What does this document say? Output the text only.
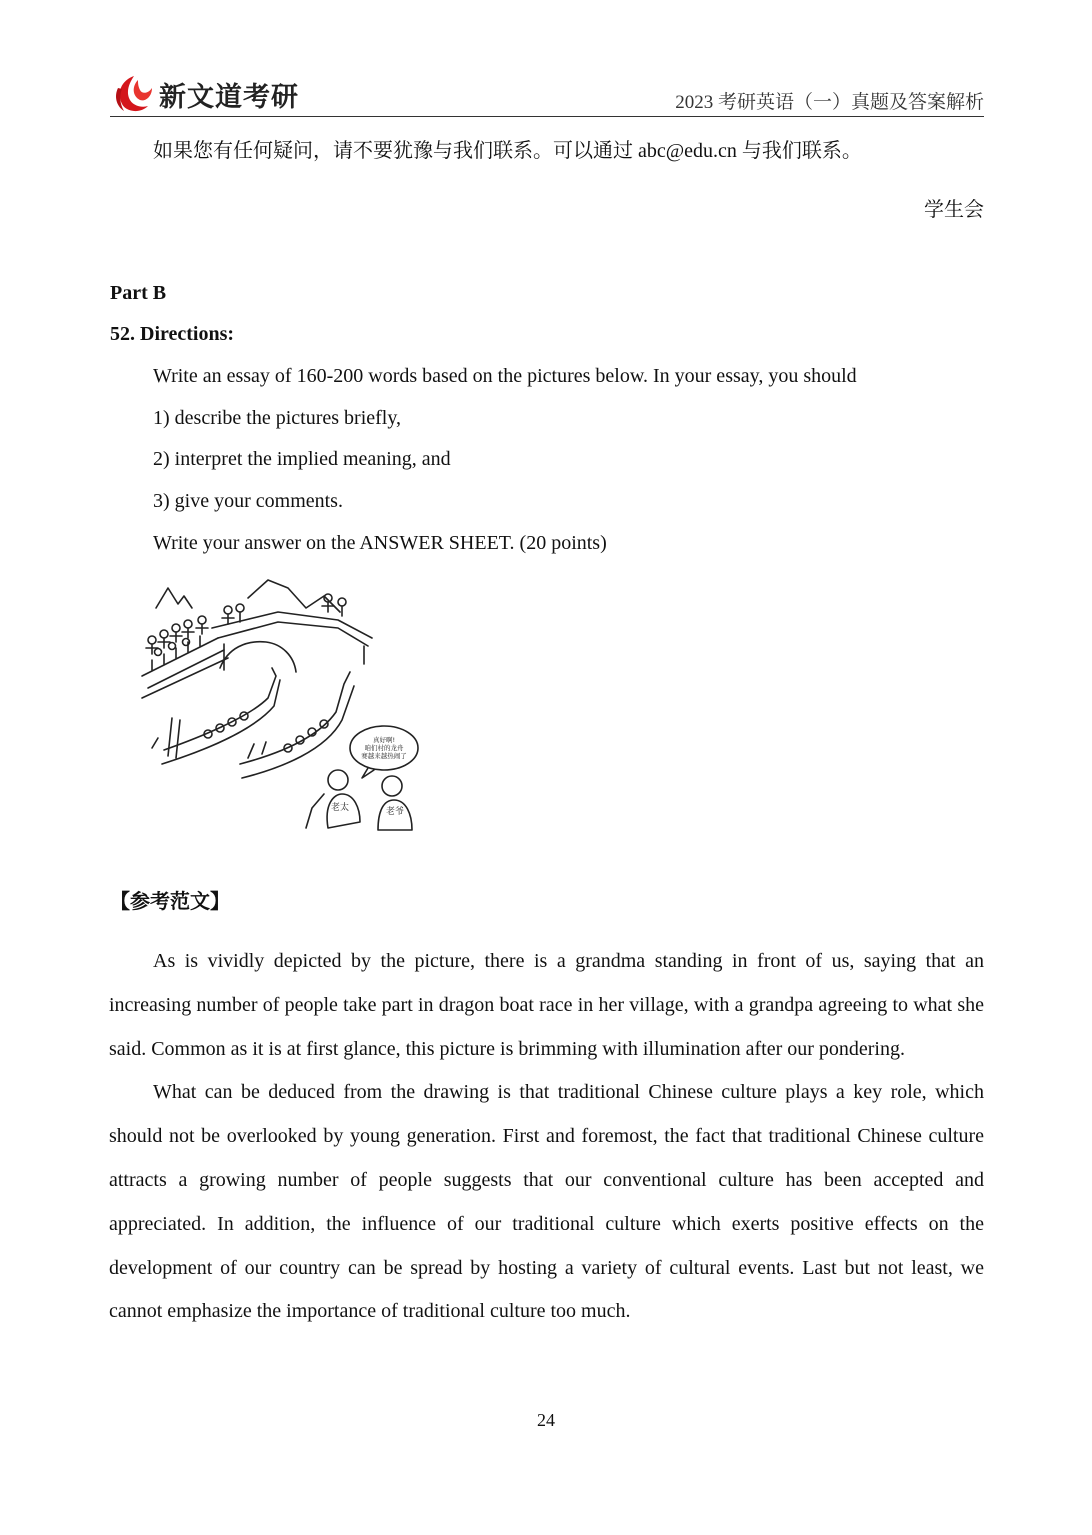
新文道考研	2023 考研英语（一）真题及答案解析
如果您有任何疑问，请不要犹豫与我们联系。可以通过 abc@edu.cn 与我们联系。
学生会
Part B
52. Directions:
Write an essay of 160-200 words based on the pictures below. In your essay, you should
1) describe the pictures briefly,
2) interpret the implied meaning, and
3) give your comments.
Write your answer on the ANSWER SHEET. (20 points)
真好啊!
咱们村的龙舟
赛越来越热闹了
老太	老爷
【参考范文】

As is vividly depicted by the picture, there is a grandma standing in front of us, saying that an increasing number of people take part in dragon boat race in her village, with a grandpa agreeing to what she said. Common as it is at first glance, this picture is brimming with illumination after our pondering.

What can be deduced from the drawing is that traditional Chinese culture plays a key role, which should not be overlooked by young generation. First and foremost, the fact that traditional Chinese culture attracts a growing number of people suggests that our conventional culture has been accepted and appreciated. In addition, the influence of our traditional culture which exerts positive effects on the development of our country can be spread by hosting a variety of cultural events. Last but not least, we cannot emphasize the importance of traditional culture too much.

24
